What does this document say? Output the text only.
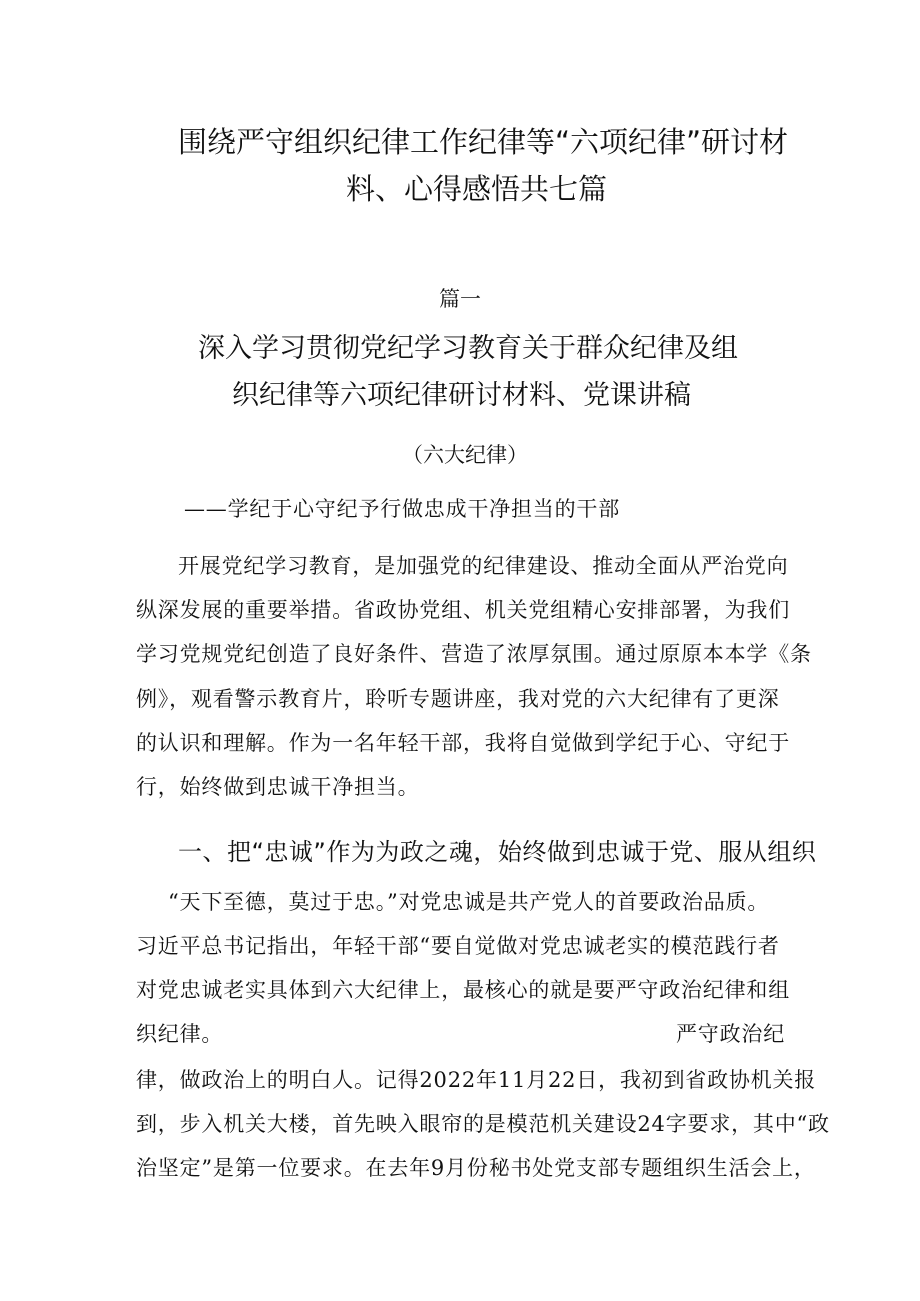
围绕严守组织纪律工作纪律等“六项纪律”研讨材

料、心得感悟共七篇

篇一

深入学习贯彻党纪学习教育关于群众纪律及组

织纪律等六项纪律研讨材料、党课讲稿

（六大纪律）

——学纪于心守纪予行做忠成干净担当的干部

开展党纪学习教育，是加强党的纪律建设、推动全面从严治党向

纵深发展的重要举措。省政协党组、机关党组精心安排部署，为我们

学习党规党纪创造了良好条件、营造了浓厚氛围。通过原原本本学《条

例》，观看警示教育片，聆听专题讲座，我对党的六大纪律有了更深

的认识和理解。作为一名年轻干部，我将自觉做到学纪于心、守纪于

行，始终做到忠诚干净担当。

一、把“忠诚”作为为政之魂，始终做到忠诚于党、服从组织

“天下至德，莫过于忠。”对党忠诚是共产党人的首要政治品质。

习近平总书记指出，年轻干部“要自觉做对党忠诚老实的模范践行者

对党忠诚老实具体到六大纪律上，最核心的就是要严守政治纪律和组

织纪律。	严守政治纪

律，做政治上的明白人。记得2022年11月22日，我初到省政协机关报

到，步入机关大楼，首先映入眼帘的是模范机关建设24字要求，其中“政

治坚定”是第一位要求。在去年9月份秘书处党支部专题组织生活会上，
